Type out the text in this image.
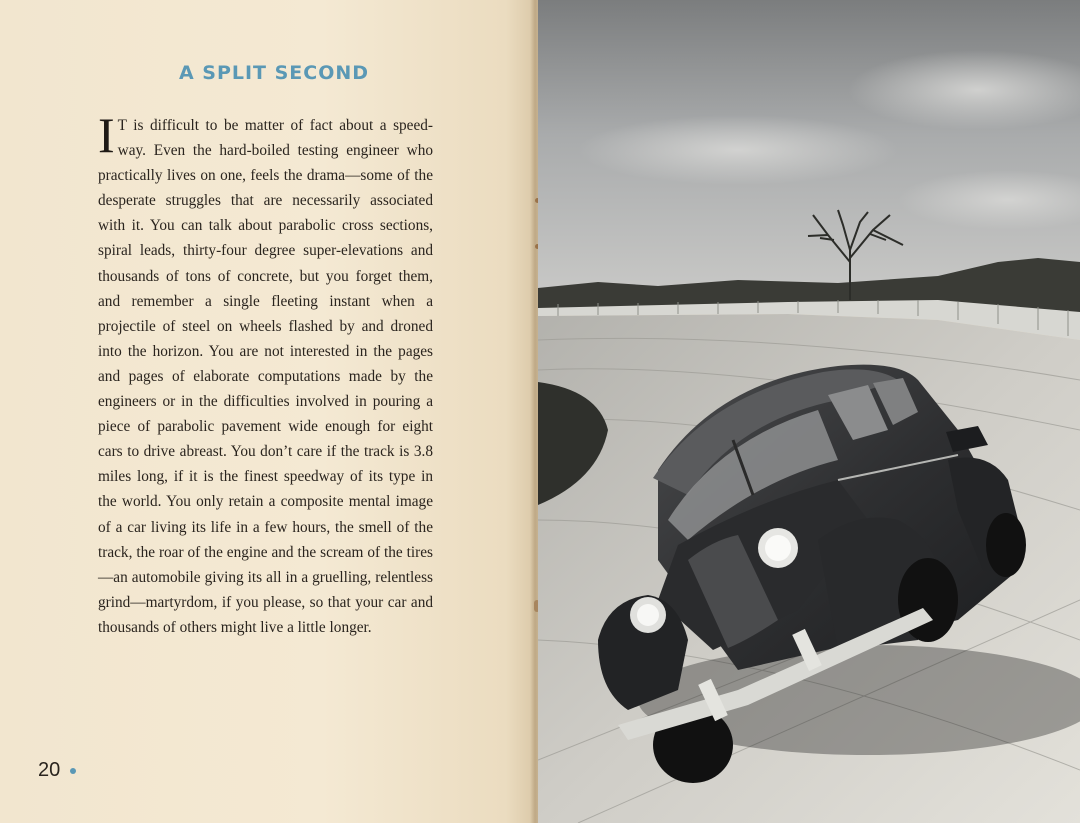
A SPLIT SECOND
I T is difficult to be matter of fact about a speed-way. Even the hard-boiled testing engineer who practically lives on one, feels the drama—some of the desperate struggles that are necessarily associated with it. You can talk about parabolic cross sections, spiral leads, thirty-four degree super-elevations and thousands of tons of concrete, but you forget them, and remember a single fleeting instant when a projectile of steel on wheels flashed by and droned into the horizon. You are not interested in the pages and pages of elaborate computations made by the engineers or in the difficulties involved in pouring a piece of parabolic pavement wide enough for eight cars to drive abreast. You don’t care if the track is 3.8 miles long, if it is the finest speedway of its type in the world. You only retain a composite mental image of a car living its life in a few hours, the smell of the track, the roar of the engine and the scream of the tires—an automobile giving its all in a gruelling, relentless grind—martyrdom, if you please, so that your car and thousands of others might live a little longer.
20
